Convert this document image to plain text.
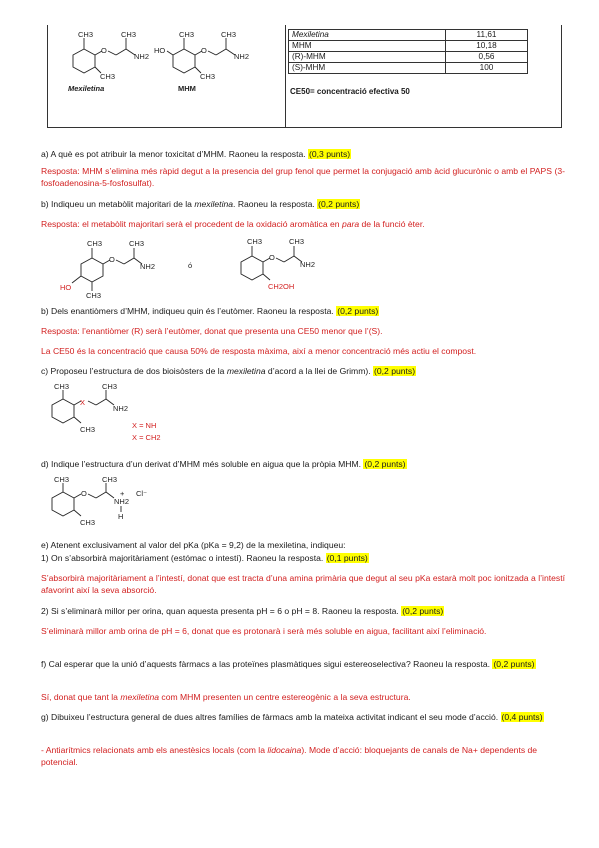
CH3
O
CH3
NH2
CH3
Mexiletina
CH3
HO	O
CH3
NH2
CH3
MHM
Mexiletina	11,61
MHM	10,18
(R)-MHM	0,56
(S)-MHM	100
CE50= concentració efectiva 50
a) A què es pot atribuir la menor toxicitat d’MHM. Raoneu la resposta. (0,3 punts)
Resposta: MHM s’elimina més ràpid degut a la presencia del grup fenol que permet la conjugació amb àcid glucurònic o amb el PAPS (3-fosfoadenosina-5-fosfosulfat).
b) Indiqueu un metabòlit majoritari de la mexiletina. Raoneu la resposta. (0,2 punts)
Resposta: el metabòlit majoritari serà el procedent de la oxidació aromàtica en para de la funció èter.
CH3
O
CH3
NH2
HO
CH3
ó
CH3
O
CH3
NH2
CH2OH
b) Dels enantiòmers d’MHM, indiqueu quin és l’eutòmer. Raoneu la resposta. (0,2 punts)
Resposta: l’enantiòmer (R) serà l’eutòmer, donat que presenta una CE50 menor que l’(S).
La CE50 és la concentració que causa 50% de resposta màxima, així a menor concentració més actiu el compost.
c) Proposeu l’estructura de dos bioisòsters de la mexiletina d’acord a la llei de Grimm). (0,2 punts)
CH3
X
CH3
NH2
CH3	X = NH
X = CH2
d) Indique l’estructura d’un derivat d’MHM més soluble en aigua que la pròpia MHM. (0,2 punts)
CH3
O
CH3
+
NH2
H
Cl⁻
CH3
e) Atenent exclusivament al valor del pKa (pKa = 9,2) de la mexiletina, indiqueu:
1) On s’absorbirà majoritàriament (estómac o intestí). Raoneu la resposta. (0,1 punts)
S’absorbirà majoritàriament a l’intestí, donat que est tracta d’una amina primària que degut al seu pKa estarà molt poc ionitzada a l’intestí afavorint així la seva absorció.
2) Si s’eliminarà millor per orina, quan aquesta presenta pH = 6 o pH = 8. Raoneu la resposta. (0,2 punts)
S’eliminarà millor amb orina de pH = 6, donat que es protonarà i serà més soluble en aigua, facilitant així l’eliminació.
f) Cal esperar que la unió d’aquests fàrmacs a las proteïnes plasmàtiques sigui estereoselectiva? Raoneu la resposta. (0,2 punts)
Sí, donat que tant la mexiletina com MHM presenten un centre estereogènic a la seva estructura.
g) Dibuixeu l’estructura general de dues altres famílies de fàrmacs amb la mateixa activitat indicant el seu mode d’acció. (0,4 punts)
- Antiarítmics relacionats amb els anestèsics locals (com la lidocaina). Mode d’acció: bloquejants de canals de Na+ dependents de potencial.
